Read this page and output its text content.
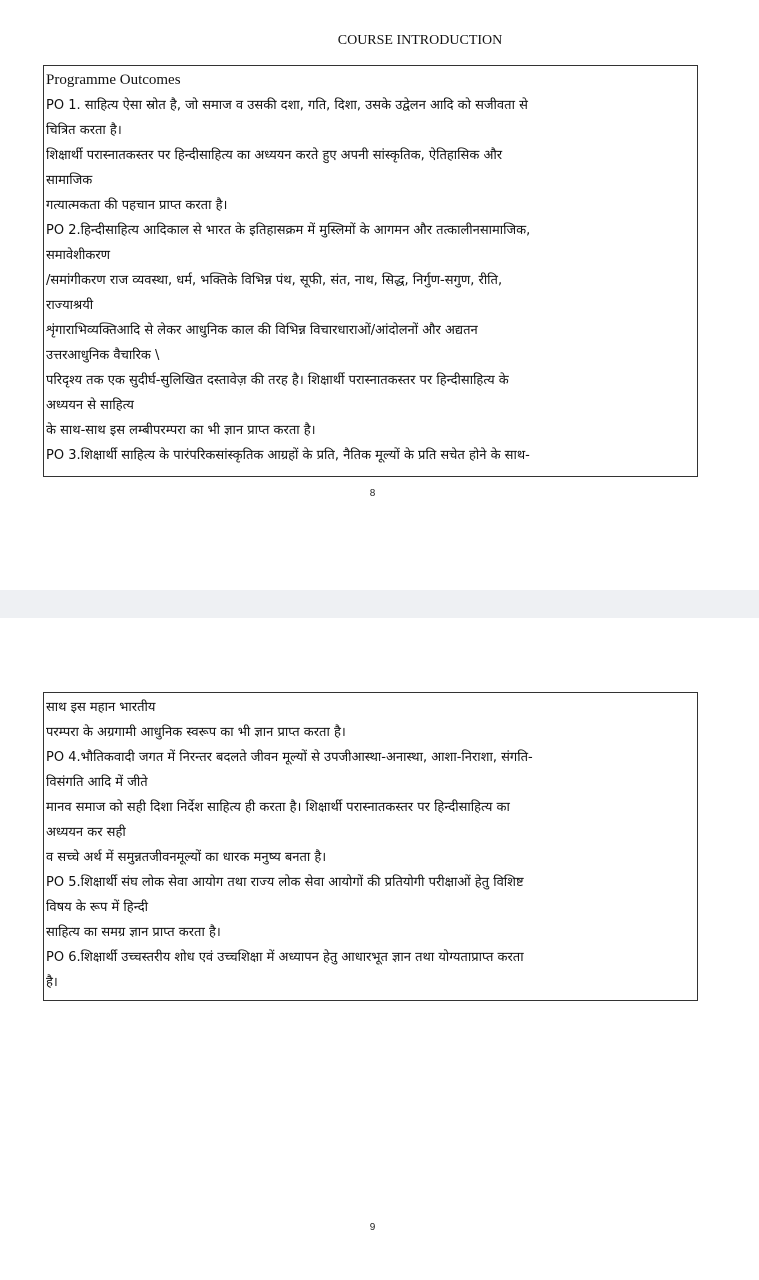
COURSE INTRODUCTION
Programme Outcomes
PO 1. साहित्य ऐसा स्रोत है, जो समाज व उसकी दशा, गति, दिशा, उसके उद्वेलन आदि को सजीवता से
चित्रित करता है।
शिक्षार्थी परास्नातकस्तर पर हिन्दीसाहित्य का अध्ययन करते हुए अपनी सांस्कृतिक, ऐतिहासिक और
सामाजिक
गत्यात्मकता की पहचान प्राप्त करता है।
PO 2.हिन्दीसाहित्य आदिकाल से भारत के इतिहासक्रम में मुस्लिमों के आगमन और तत्कालीनसामाजिक,
समावेशीकरण
/समांगीकरण राज व्यवस्था, धर्म, भक्तिके विभिन्न पंथ, सूफी, संत, नाथ, सिद्ध, निर्गुण-सगुण, रीति,
राज्याश्रयी
शृंगाराभिव्यक्तिआदि से लेकर आधुनिक काल की विभिन्न विचारधाराओं/आंदोलनों और अद्यतन
उत्तरआधुनिक वैचारिक \
परिदृश्य तक एक सुदीर्घ-सुलिखित दस्तावेज़ की तरह है। शिक्षार्थी परास्नातकस्तर पर हिन्दीसाहित्य के
अध्ययन से साहित्य
के साथ-साथ इस लम्बीपरम्परा का भी ज्ञान प्राप्त करता है।
PO 3.शिक्षार्थी साहित्य के पारंपरिकसांस्कृतिक आग्रहों के प्रति, नैतिक मूल्यों के प्रति सचेत होने के साथ-
8
साथ इस महान भारतीय
परम्परा के अग्रगामी आधुनिक स्वरूप का भी ज्ञान प्राप्त करता है।
PO 4.भौतिकवादी जगत में निरन्तर बदलते जीवन मूल्यों से उपजीआस्था-अनास्था, आशा-निराशा, संगति-
विसंगति आदि में जीते
मानव समाज को सही दिशा निर्देश साहित्य ही करता है। शिक्षार्थी परास्नातकस्तर पर हिन्दीसाहित्य का
अध्ययन कर सही
व सच्चे अर्थ में समुन्नतजीवनमूल्यों का धारक मनुष्य बनता है।
PO 5.शिक्षार्थी संघ लोक सेवा आयोग तथा राज्य लोक सेवा आयोगों की प्रतियोगी परीक्षाओं हेतु विशिष्ट
विषय के रूप में हिन्दी
साहित्य का समग्र ज्ञान प्राप्त करता है।
PO 6.शिक्षार्थी उच्चस्तरीय शोध एवं उच्चशिक्षा में अध्यापन हेतु आधारभूत ज्ञान तथा योग्यताप्राप्त करता
है।
9
